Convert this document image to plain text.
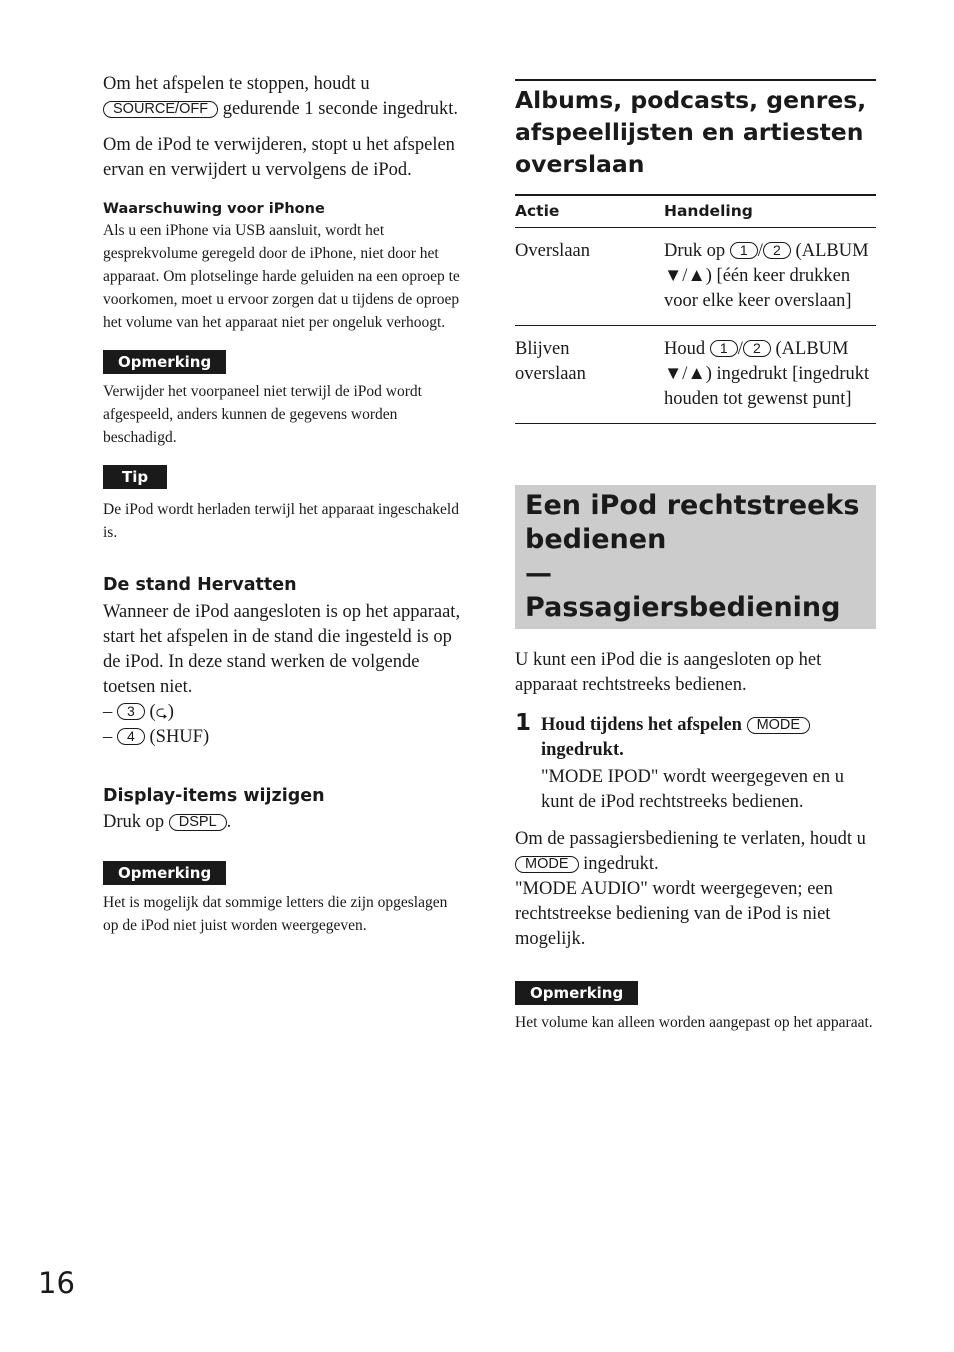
Om het afspelen te stoppen, houdt u
SOURCE/OFF gedurende 1 seconde ingedrukt.

Om de iPod te verwijderen, stopt u het afspelen ervan en verwijdert u vervolgens de iPod.

Waarschuwing voor iPhone

Als u een iPhone via USB aansluit, wordt het gesprekvolume geregeld door de iPhone, niet door het apparaat. Om plotselinge harde geluiden na een oproep te voorkomen, moet u ervoor zorgen dat u tijdens de oproep het volume van het apparaat niet per ongeluk verhoogt.

Opmerking

Verwijder het voorpaneel niet terwijl de iPod wordt afgespeeld, anders kunnen de gegevens worden beschadigd.

Tip

De iPod wordt herladen terwijl het apparaat ingeschakeld is.

De stand Hervatten

Wanneer de iPod aangesloten is op het apparaat, start het afspelen in de stand die ingesteld is op de iPod. In deze stand werken de volgende toetsen niet.

– 3 (⮎)

– 4 (SHUF)

Display-items wijzigen

Druk op DSPL .

Opmerking

Het is mogelijk dat sommige letters die zijn opgeslagen op de iPod niet juist worden weergegeven.

Albums, podcasts, genres, afspeellijsten en artiesten overslaan
Actie	Handeling
Overslaan	Druk op 1 / 2 (ALBUM ▼/▲) [één keer drukken voor elke keer overslaan]
Blijven overslaan	Houd 1 / 2 (ALBUM ▼/▲) ingedrukt [ingedrukt houden tot gewenst punt]
Een iPod rechtstreeks bedienen
— Passagiersbediening

U kunt een iPod die is aangesloten op het apparaat rechtstreeks bedienen.

1 Houd tijdens het afspelen MODE ingedrukt.

"MODE IPOD" wordt weergegeven en u kunt de iPod rechtstreeks bedienen.

Om de passagiersbediening te verlaten, houdt u MODE ingedrukt.

"MODE AUDIO" wordt weergegeven; een rechtstreekse bediening van de iPod is niet mogelijk.

Opmerking

Het volume kan alleen worden aangepast op het apparaat.

16
